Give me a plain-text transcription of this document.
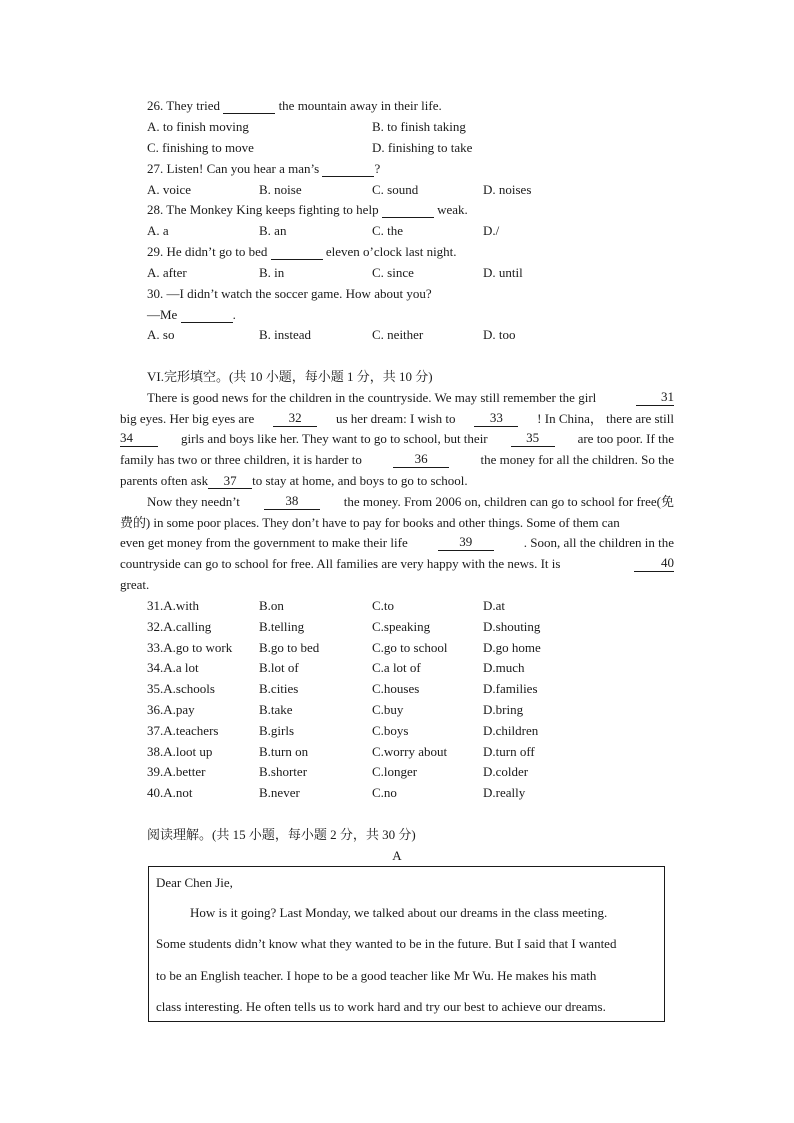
26. They tried	the mountain away in their life.
A. to finish moving	B. to finish taking
C. finishing to move	D. finishing to take
27. Listen! Can you hear a man’s	?
A. voice	B. noise	C. sound	D. noises
28. The Monkey King keeps fighting to help	weak.
A. a	B. an	C. the	D./
29. He didn’t go to bed	eleven o’clock last night.
A. after	B. in	C. since	D. until
30. —I didn’t watch the soccer game. How about you?
—Me	.
A. so	B. instead	C. neither	D. too
VI.完形填空。(共 10 小题，每小题 1 分，共 10 分)
There is good news for the children in the countryside. We may still remember the girl	31
big eyes. Her big eyes are	32	us her dream: I wish to	33	! In China， there are still
34	girls and boys like her. They want to go to school, but their	35	are too poor. If the
family has two or three children, it is harder to	36	the money for all the children. So the
parents often ask 37 to stay at home, and boys to go to school.
Now they needn’t	38	the money. From 2006 on, children can go to school for free(免
费的) in some poor places. They don’t have to pay for books and other things. Some of them can
even get money from the government to make their life	39	. Soon, all the children in the
countryside can go to school for free. All families are very happy with the news. It is	40
great.
31.A.with	B.on	C.to	D.at
32.A.calling	B.telling	C.speaking	D.shouting
33.A.go to work B.go to bed	C.go to school	D.go home
34.A.a lot	B.lot of	C.a lot of	D.much
35.A.schools	B.cities	C.houses	D.families
36.A.pay	B.take	C.buy	D.bring
37.A.teachers	B.girls	C.boys	D.children
38.A.loot up	B.turn on	C.worry about	D.turn off
39.A.better	B.shorter	C.longer	D.colder
40.A.not	B.never	C.no	D.really
阅读理解。(共 15 小题，每小题 2 分，共 30 分)
A
Dear Chen Jie,
How is it going? Last Monday, we talked about our dreams in the class meeting.
Some students didn’t know what they wanted to be in the future. But I said that I wanted
to be an English teacher. I hope to be a good teacher like Mr Wu. He makes his math
class interesting. He often tells us to work hard and try our best to achieve our dreams.
